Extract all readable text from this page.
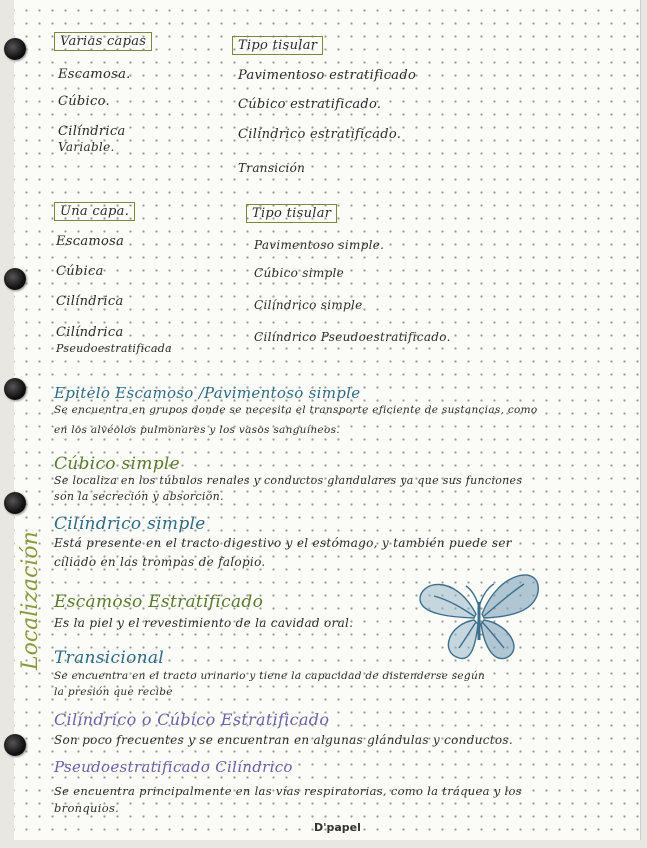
Varias capas
Escamosa.
Cúbico.
Cilíndrica
Variable.
Tipo tisular
Pavimentoso estratificado
Cúbico estratificado.
Cilíndrico estratificado.
Transición
Una capa.
Escamosa
Cúbica
Cilíndrica
Cilíndrica
Pseudoestratificada
Tipo tisular
Pavimentoso simple.
Cúbico simple
Cilíndrico simple
Cilíndrico Pseudoestratificado.
Localización
Epitelo Escamoso /Pavimentoso simple
Se encuentra en grupos donde se necesita el transporte eficiente de sustancias, como
en los alvéolos pulmonares y los vasos sanguíneos.
Cúbico simple
Se localiza en los túbulos renales y conductos glandulares ya que sus funciones
son la secreción y absorción.
Cilíndrico simple
Está presente en el tracto digestivo y el estómago, y también puede ser
ciliado en las trompas de falopio.
Escamoso Estratificado
Es la piel y el revestimiento de la cavidad oral.
Transicional
Se encuentra en el tracto urinario y tiene la capacidad de distenderse según
la presión que recibe
Cilíndrico o Cúbico Estratificado
Son poco frecuentes y se encuentran en algunas glándulas y conductos.
Pseudoestratificado Cilíndrico
Se encuentra principalmente en las vías respiratorias, como la tráquea y los
bronquios.
D'papel
